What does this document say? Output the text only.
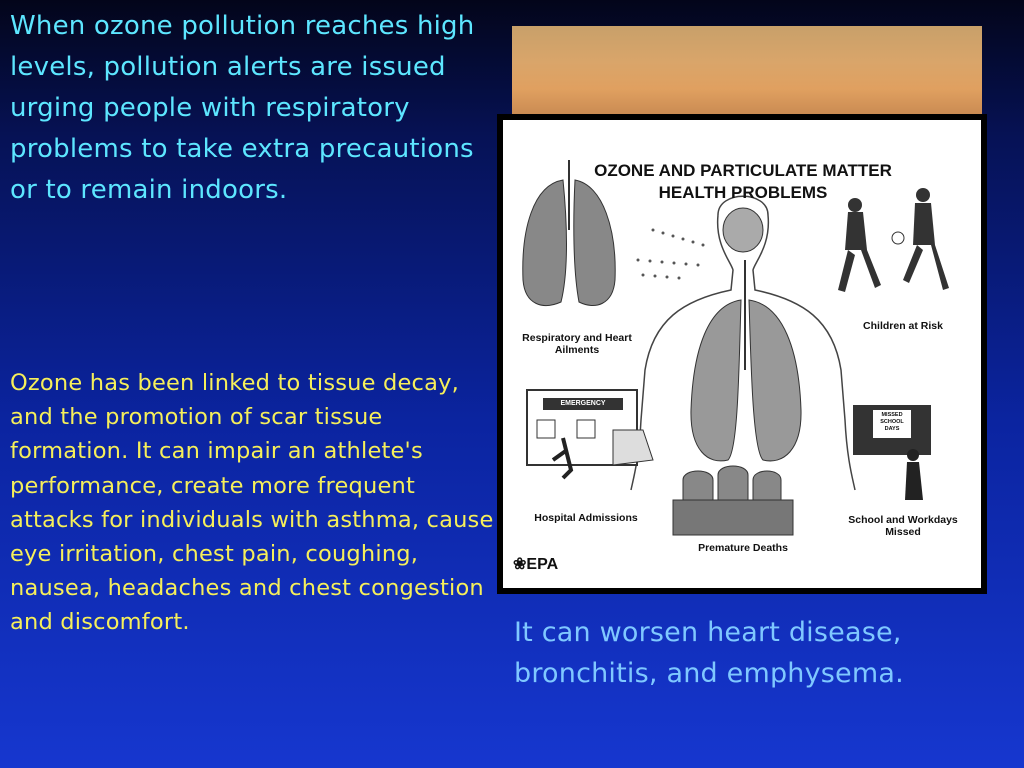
When ozone pollution reaches high levels, pollution alerts are issued urging people with respiratory problems to take extra precautions or to remain indoors.
Ozone has been linked to tissue decay, and the promotion of scar tissue formation. It can impair an athlete's performance, create more frequent attacks for individuals with asthma, cause eye irritation, chest pain, coughing, nausea, headaches and chest congestion and discomfort.	It can worsen heart disease, bronchitis, and emphysema.
OZONE AND PARTICULATE MATTER
HEALTH PROBLEMS
Respiratory and Heart Ailments
Children at Risk
Hospital Admissions	School and Workdays Missed
Premature Deaths
EMERGENCY
MISSED SCHOOL DAYS
❀EPA
